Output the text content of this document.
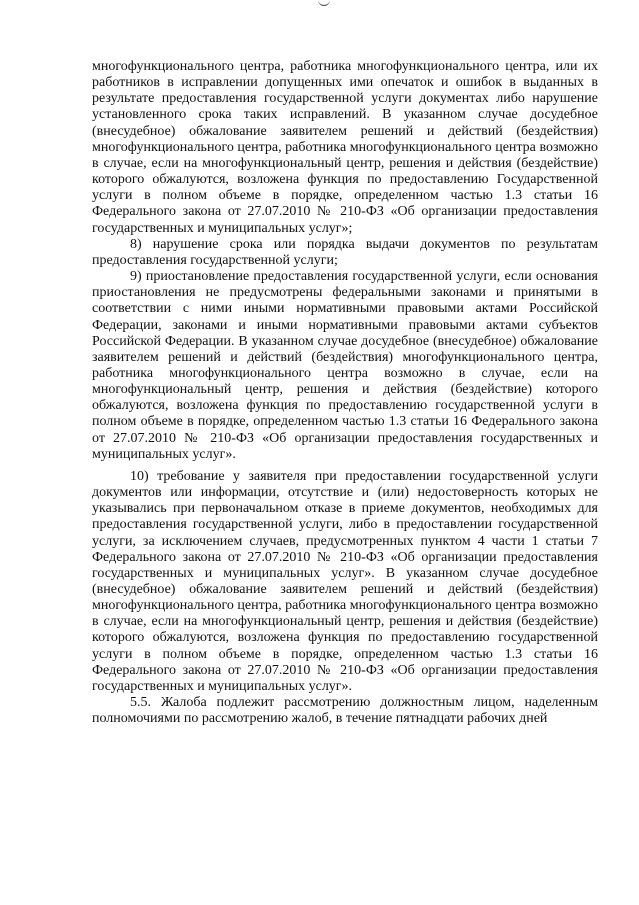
многофункционального центра, работника многофункционального центра, или их работников в исправлении допущенных ими опечаток и ошибок в выданных в результате предоставления государственной услуги документах либо нарушение установленного срока таких исправлений. В указанном случае досудебное (внесудебное) обжалование заявителем решений и действий (бездействия) многофункционального центра, работника многофункционального центра возможно в случае, если на многофункциональный центр, решения и действия (бездействие) которого обжалуются, возложена функция по предоставлению Государственной услуги в полном объеме в порядке, определенном частью 1.3 статьи 16 Федерального закона от 27.07.2010 № 210-ФЗ «Об организации предоставления государственных и муниципальных услуг»;

8) нарушение срока или порядка выдачи документов по результатам предоставления государственной услуги;

9) приостановление предоставления государственной услуги, если основания приостановления не предусмотрены федеральными законами и принятыми в соответствии с ними иными нормативными правовыми актами Российской Федерации, законами и иными нормативными правовыми актами субъектов Российской Федерации. В указанном случае досудебное (внесудебное) обжалование заявителем решений и действий (бездействия) многофункционального центра, работника многофункционального центра возможно в случае, если на многофункциональный центр, решения и действия (бездействие) которого обжалуются, возложена функция по предоставлению государственной услуги в полном объеме в порядке, определенном частью 1.3 статьи 16 Федерального закона от 27.07.2010 № 210-ФЗ «Об организации предоставления государственных и муниципальных услуг».

10) требование у заявителя при предоставлении государственной услуги документов или информации, отсутствие и (или) недостоверность которых не указывались при первоначальном отказе в приеме документов, необходимых для предоставления государственной услуги, либо в предоставлении государственной услуги, за исключением случаев, предусмотренных пунктом 4 части 1 статьи 7 Федерального закона от 27.07.2010 № 210-ФЗ «Об организации предоставления государственных и муниципальных услуг». В указанном случае досудебное (внесудебное) обжалование заявителем решений и действий (бездействия) многофункционального центра, работника многофункционального центра возможно в случае, если на многофункциональный центр, решения и действия (бездействие) которого обжалуются, возложена функция по предоставлению государственной услуги в полном объеме в порядке, определенном частью 1.3 статьи 16 Федерального закона от 27.07.2010 № 210-ФЗ «Об организации предоставления государственных и муниципальных услуг».

5.5. Жалоба подлежит рассмотрению должностным лицом, наделенным полномочиями по рассмотрению жалоб, в течение пятнадцати рабочих дней
